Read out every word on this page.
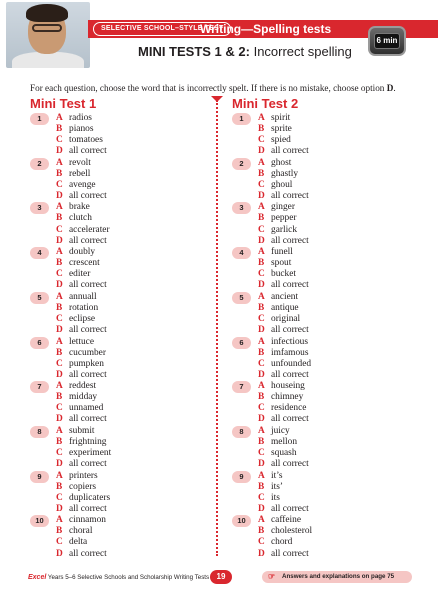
SELECTIVE SCHOOL–STYLE TEST
Writing—Spelling tests
MINI TESTS 1 & 2: Incorrect spelling
6 min
For each question, choose the word that is incorrectly spelt. If there is no mistake, choose option D.
Mini Test 1	Mini Test 2
1	A radios
B pianos
C tomatoes
D all correct
2	A revolt
B rebell
C avenge
D all correct
3	A brake
B clutch
C accelerater
D all correct
4	A doubly
B crescent
C editer
D all correct
5	A annuall
B rotation
C eclipse
D all correct
6	A lettuce
B cucumber
C pumpken
D all correct
7	A reddest
B midday
C unnamed
D all correct
8	A submit
B frightning
C experiment
D all correct
9	A printers
B copiers
C duplicaters
D all correct
10	A cinnamon
B choral
C delta
D all correct
1	A spirit
B sprite
C spied
D all correct
2	A ghost
B ghastly
C ghoul
D all correct
3	A ginger
B pepper
C garlick
D all correct
4	A funell
B spout
C bucket
D all correct
5	A ancient
B antique
C original
D all correct
6	A infectious
B imfamous
C unfounded
D all correct
7	A houseing
B chimney
C residence
D all correct
8	A juicy
B mellon
C squash
D all correct
9	A it’s
B its’
C its
D all correct
10	A caffeine
B cholesterol
C chord
D all correct
Excel Years 5–6 Selective Schools and Scholarship Writing Tests 19	☞ Answers and explanations on page 75
